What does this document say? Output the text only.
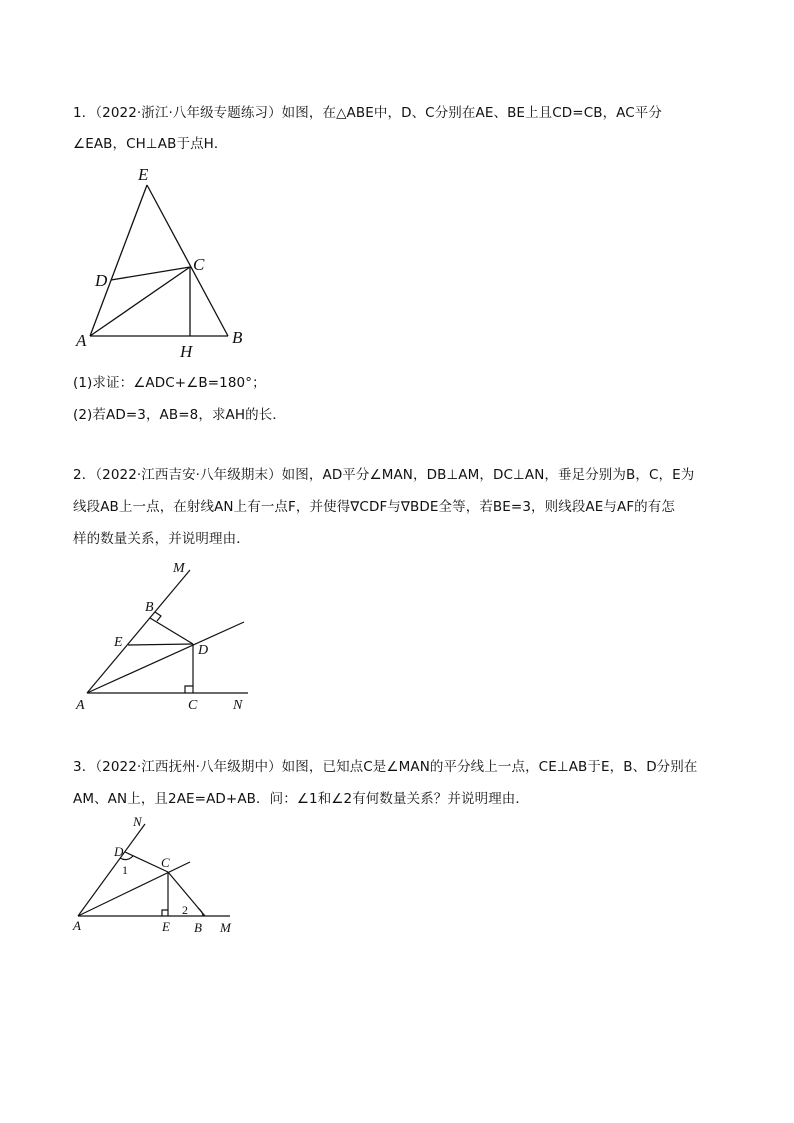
1．（2022·浙江·八年级专题练习）如图，在△ABE中，D、C分别在AE、BE上且CD=CB，AC平分
∠EAB，CH⊥AB于点H．
E
C
D
A
H
B
(1)求证：∠ADC+∠B=180°；
(2)若AD=3，AB=8，求AH的长．
2．（2022·江西吉安·八年级期末）如图，AD平分∠MAN，DB⊥AM，DC⊥AN，垂足分别为B，C，E为
线段AB上一点，在射线AN上有一点F，并使得∇CDF与∇BDE全等，若BE=3，则线段AE与AF的有怎
样的数量关系，并说明理由．
M
B
E
D
A	C	N
3．（2022·江西抚州·八年级期中）如图，已知点C是∠MAN的平分线上一点，CE⊥AB于E，B、D分别在
AM、AN上，且2AE=AD+AB．问：∠1和∠2有何数量关系？并说明理由．
N
D
C
1
2
A	E B M
